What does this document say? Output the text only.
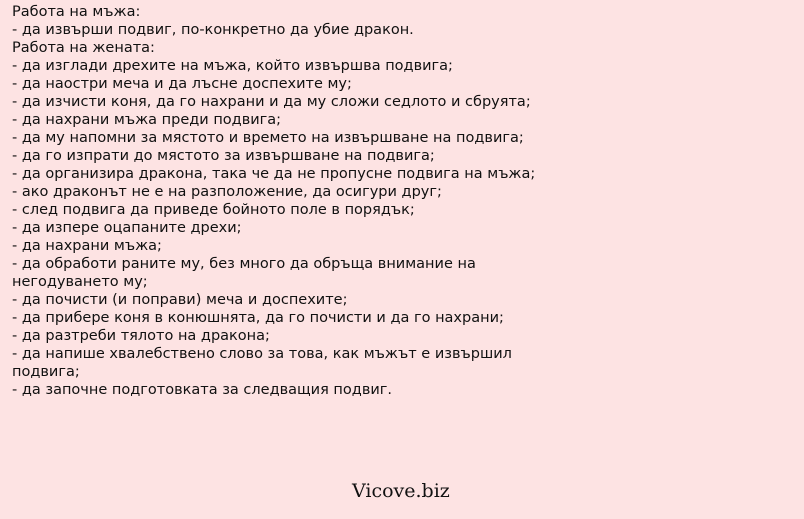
Работа на мъжа:
- да извърши подвиг, по-конкретно да убие дракон.
Работа на жената:
- да изглади дрехите на мъжа, който извършва подвига;
- да наостри меча и да лъсне доспехите му;
- да изчисти коня, да го нахрани и да му сложи седлото и сбруята;
- да нахрани мъжа преди подвига;
- да му напомни за мястото и времето на извършване на подвига;
- да го изпрати до мястото за извършване на подвига;
- да организира дракона, така че да не пропусне подвига на мъжа;
- ако драконът не е на разположение, да осигури друг;
- след подвига да приведе бойното поле в порядък;
- да изпере оцапаните дрехи;
- да нахрани мъжа;
- да обработи раните му, без много да обръща внимание на
негодуването му;
- да почисти (и поправи) меча и доспехите;
- да прибере коня в конюшнята, да го почисти и да го нахрани;
- да разтреби тялото на дракона;
- да напише хвалебствено слово за това, как мъжът е извършил
подвига;
- да започне подготовката за следващия подвиг.
Vicove.biz
